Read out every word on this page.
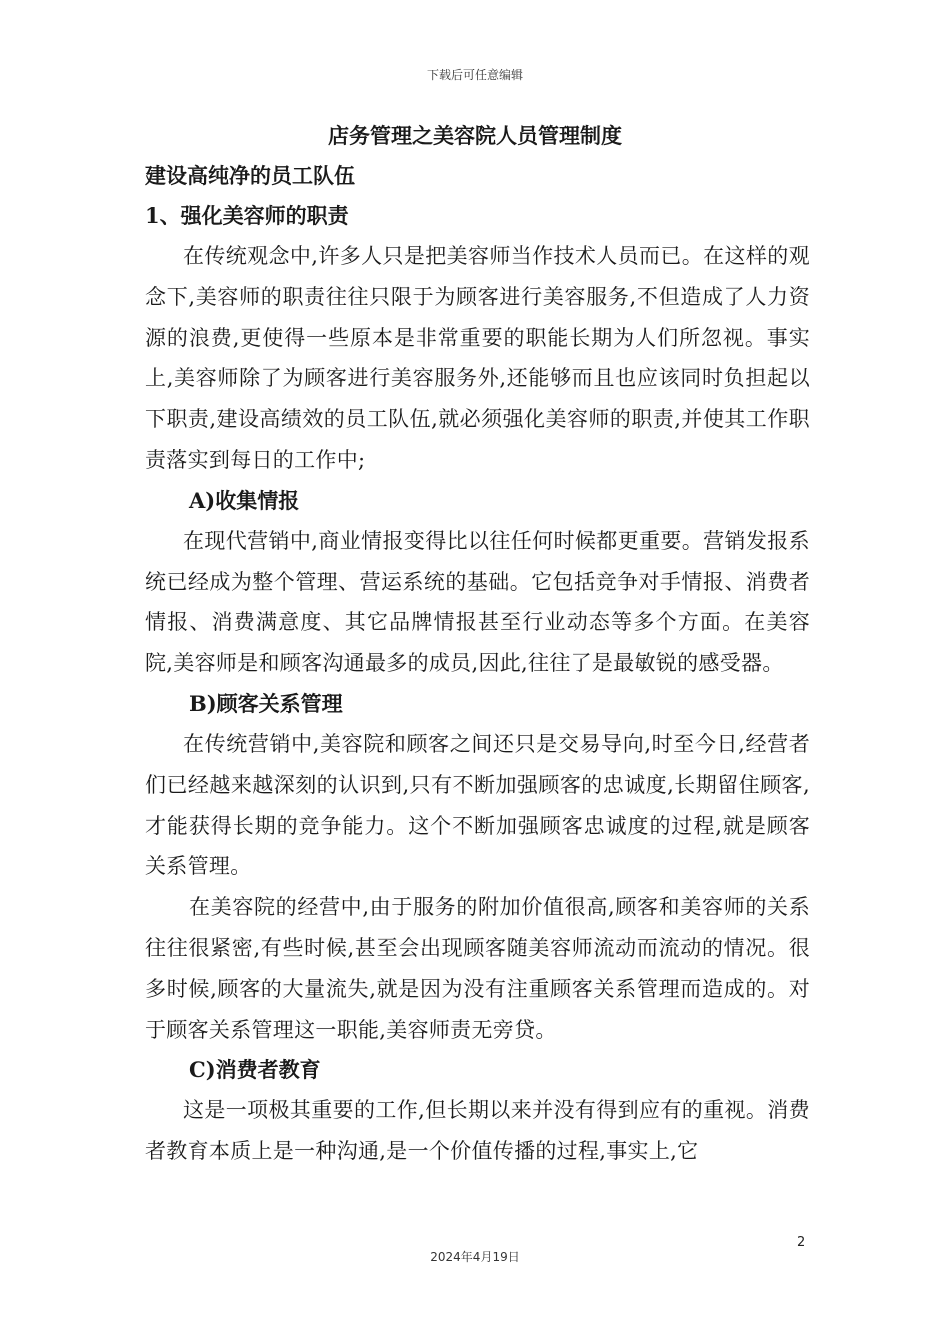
下载后可任意编辑
店务管理之美容院人员管理制度

建设高纯净的员工队伍

1、强化美容师的职责

在传统观念中,许多人只是把美容师当作技术人员而已。在这样的观念下,美容师的职责往往只限于为顾客进行美容服务,不但造成了人力资源的浪费,更使得一些原本是非常重要的职能长期为人们所忽视。事实上,美容师除了为顾客进行美容服务外,还能够而且也应该同时负担起以下职责,建设高绩效的员工队伍,就必须强化美容师的职责,并使其工作职责落实到每日的工作中;

A)收集情报

在现代营销中,商业情报变得比以往任何时候都更重要。营销发报系统已经成为整个管理、营运系统的基础。它包括竞争对手情报、消费者情报、消费满意度、其它品牌情报甚至行业动态等多个方面。在美容院,美容师是和顾客沟通最多的成员,因此,往往了是最敏锐的感受器。

B)顾客关系管理

在传统营销中,美容院和顾客之间还只是交易导向,时至今日,经营者们已经越来越深刻的认识到,只有不断加强顾客的忠诚度,长期留住顾客,才能获得长期的竞争能力。这个不断加强顾客忠诚度的过程,就是顾客关系管理。

在美容院的经营中,由于服务的附加价值很高,顾客和美容师的关系往往很紧密,有些时候,甚至会出现顾客随美容师流动而流动的情况。很多时候,顾客的大量流失,就是因为没有注重顾客关系管理而造成的。对于顾客关系管理这一职能,美容师责无旁贷。

C)消费者教育

这是一项极其重要的工作,但长期以来并没有得到应有的重视。消费者教育本质上是一种沟通,是一个价值传播的过程,事实上,它

2
2024年4月19日
